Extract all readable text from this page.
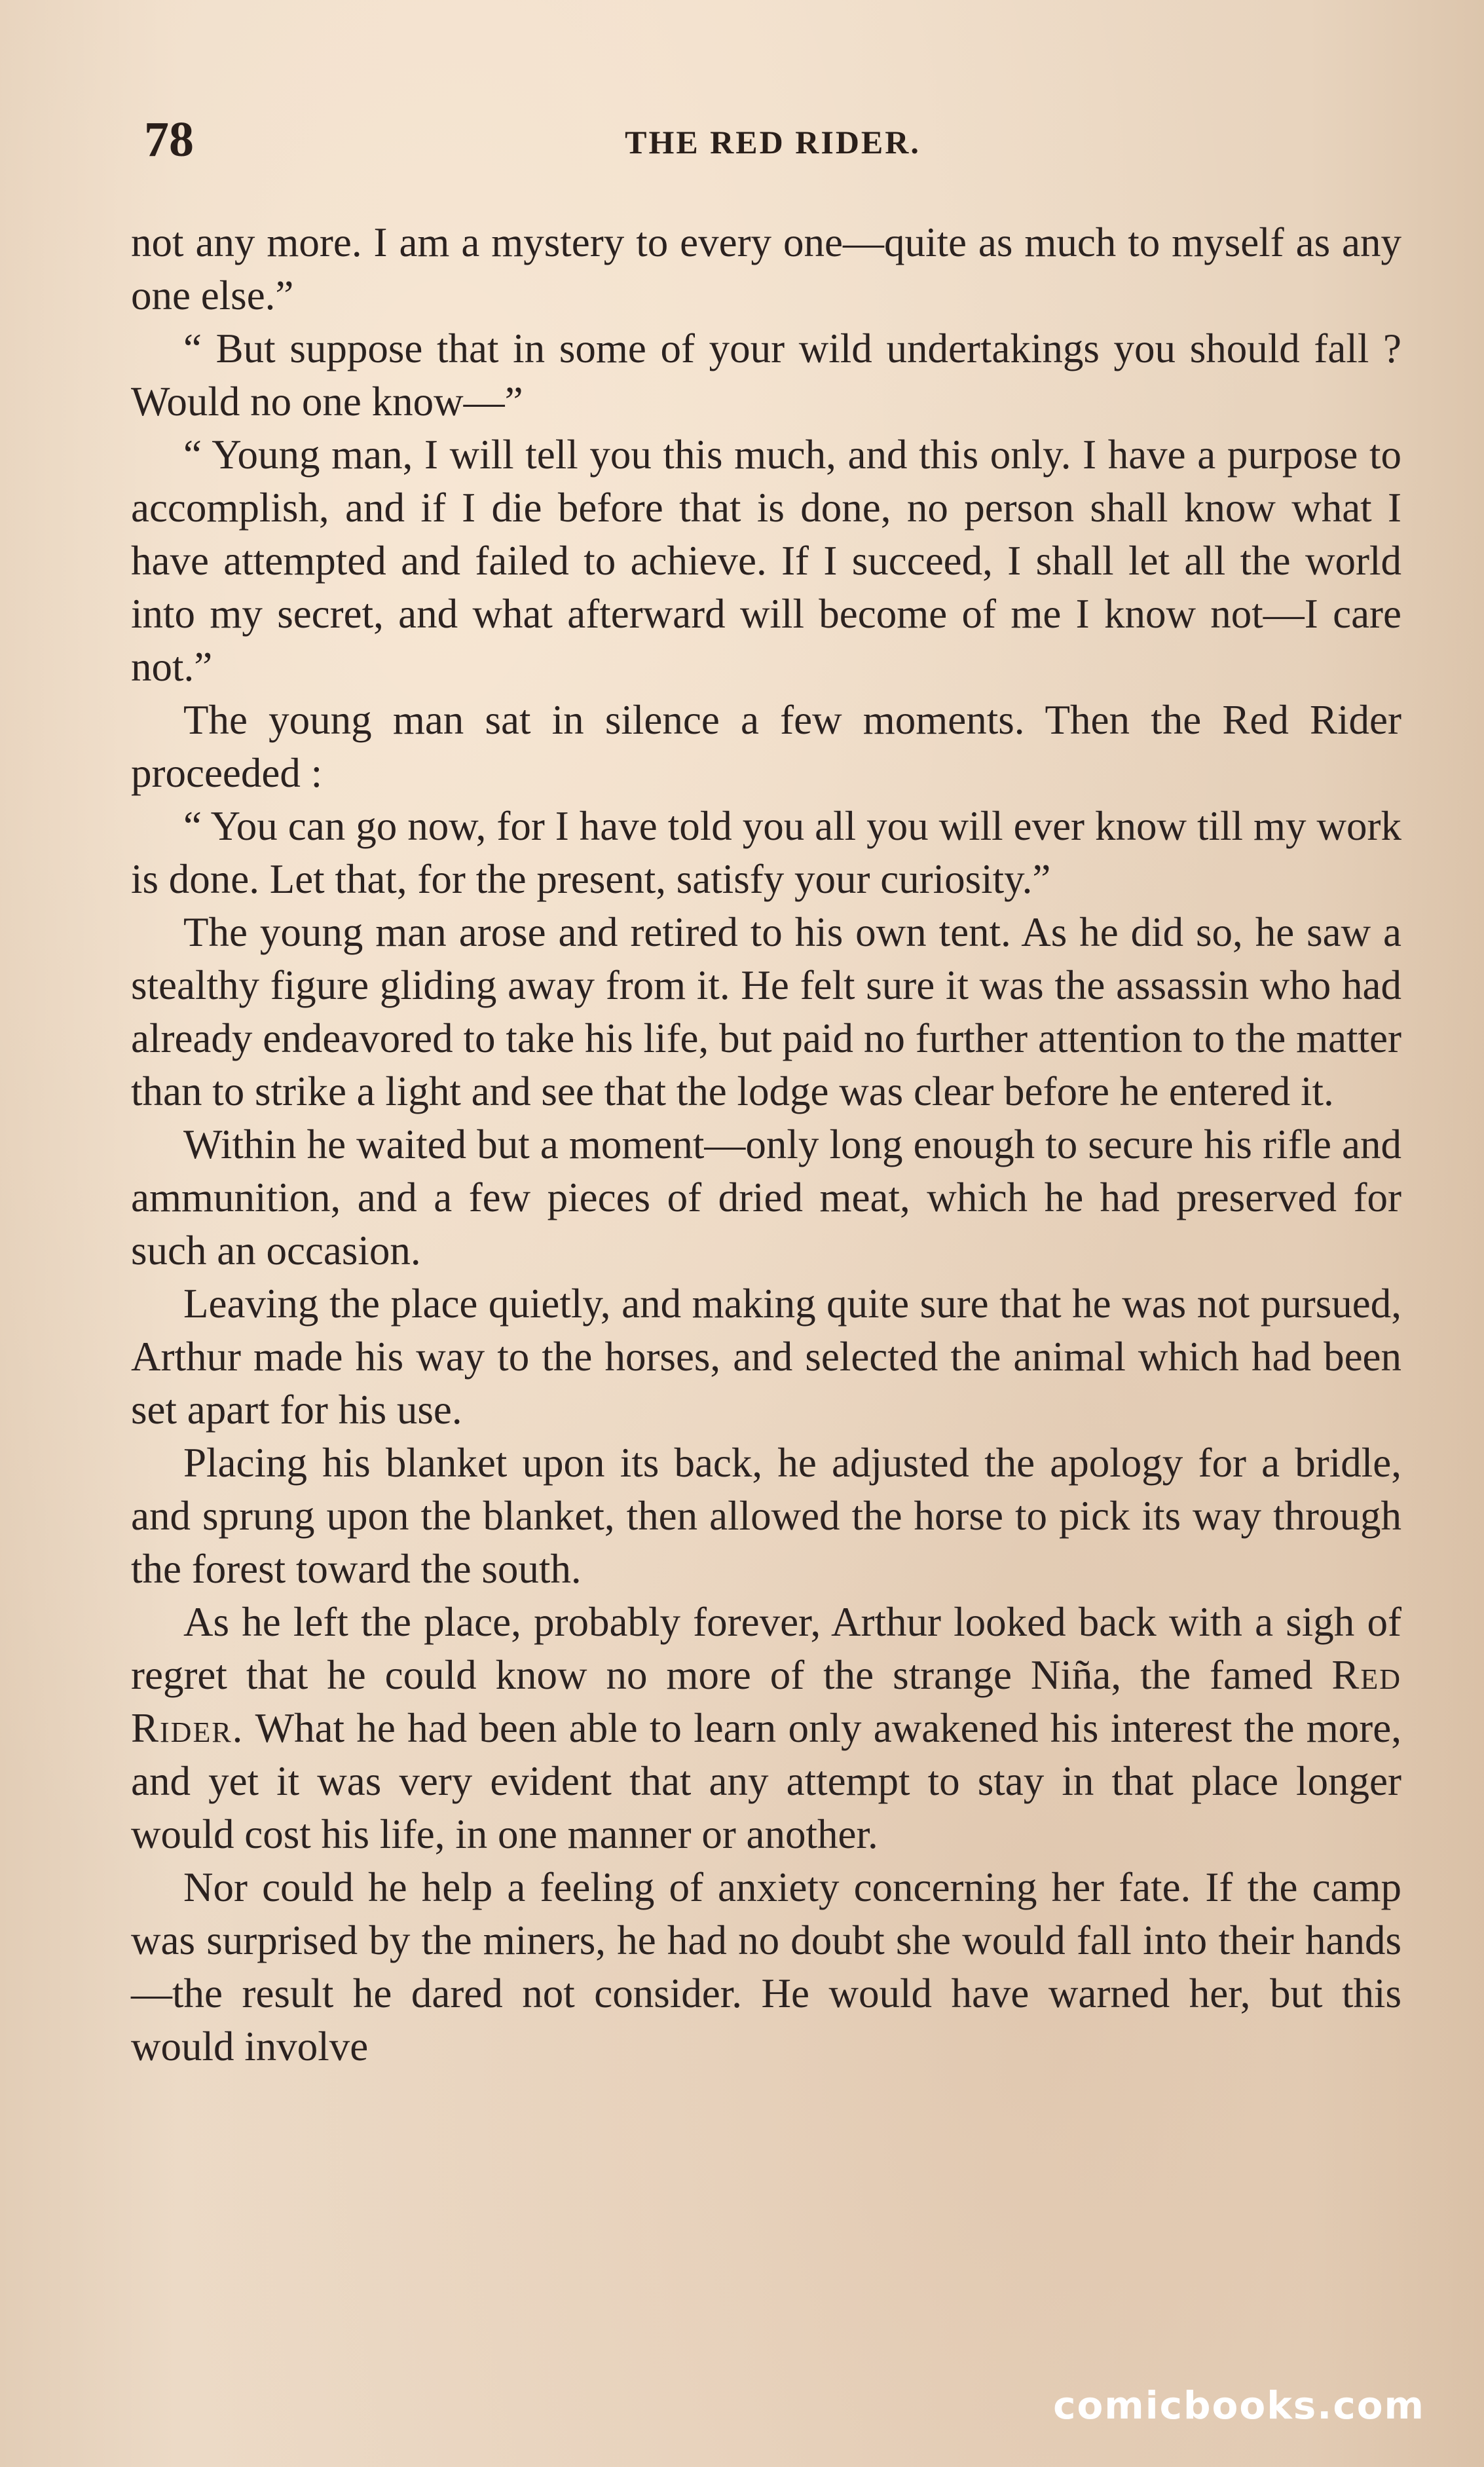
78	THE RED RIDER.

not any more. I am a mystery to every one—quite as much to myself as any one else.”

“ But suppose that in some of your wild undertakings you should fall ? Would no one know—”

“ Young man, I will tell you this much, and this only. I have a purpose to accomplish, and if I die before that is done, no person shall know what I have attempted and failed to achieve. If I succeed, I shall let all the world into my secret, and what afterward will become of me I know not—I care not.”

The young man sat in silence a few moments. Then the Red Rider proceeded :

“ You can go now, for I have told you all you will ever know till my work is done. Let that, for the present, satisfy your curiosity.”

The young man arose and retired to his own tent. As he did so, he saw a stealthy figure gliding away from it. He felt sure it was the assassin who had already endeavored to take his life, but paid no further attention to the matter than to strike a light and see that the lodge was clear before he entered it.

Within he waited but a moment—only long enough to secure his rifle and ammunition, and a few pieces of dried meat, which he had preserved for such an occasion.

Leaving the place quietly, and making quite sure that he was not pursued, Arthur made his way to the horses, and selected the animal which had been set apart for his use.

Placing his blanket upon its back, he adjusted the apology for a bridle, and sprung upon the blanket, then allowed the horse to pick its way through the forest toward the south.

As he left the place, probably forever, Arthur looked back with a sigh of regret that he could know no more of the strange Niña, the famed Red Rider. What he had been able to learn only awakened his interest the more, and yet it was very evident that any attempt to stay in that place longer would cost his life, in one manner or another.

Nor could he help a feeling of anxiety concerning her fate. If the camp was surprised by the miners, he had no doubt she would fall into their hands—the result he dared not consider. He would have warned her, but this would involve

comicbooks.com
